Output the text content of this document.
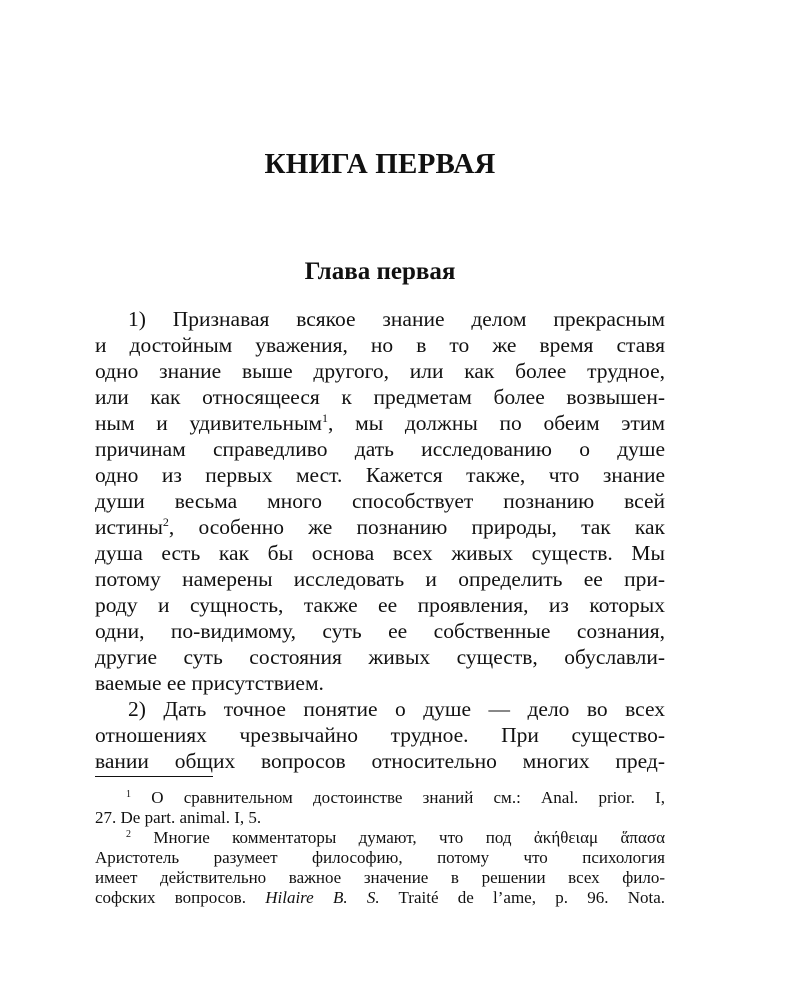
КНИГА ПЕРВАЯ
Глава первая
1) Признавая всякое знание делом прекрасным
и достойным уважения, но в то же время ставя
одно знание выше другого, или как более трудное,
или как относящееся к предметам более возвышен-
ным и удивительным$^1$, мы должны по обеим этим
причинам справедливо дать исследованию о душе
одно из первых мест. Кажется также, что знание
души весьма много способствует познанию всей
истины$^2$, особенно же познанию природы, так как
душа есть как бы основа всех живых существ. Мы
потому намерены исследовать и определить ее при-
роду и сущность, также ее проявления, из которых
одни, по-видимому, суть ее собственные сознания,
другие суть состояния живых существ, обуславли-
ваемые ее присутствием.
2) Дать точное понятие о душе — дело во всех
отношениях чрезвычайно трудное. При существо-
вании общих вопросов относительно многих пред-
$^1$ О сравнительном достоинстве знаний см.: Anal. prior. I,
27. De part. animal. I, 5.
$^2$ Многие комментаторы думают, что под ἀκήθειαμ ἅπασα
Аристотель разумеет философию, потому что психология
имеет действительно важное значение в решении всех фило-
софских вопросов. Hilaire B. S. Traité de l’ame, p. 96. Nota.
